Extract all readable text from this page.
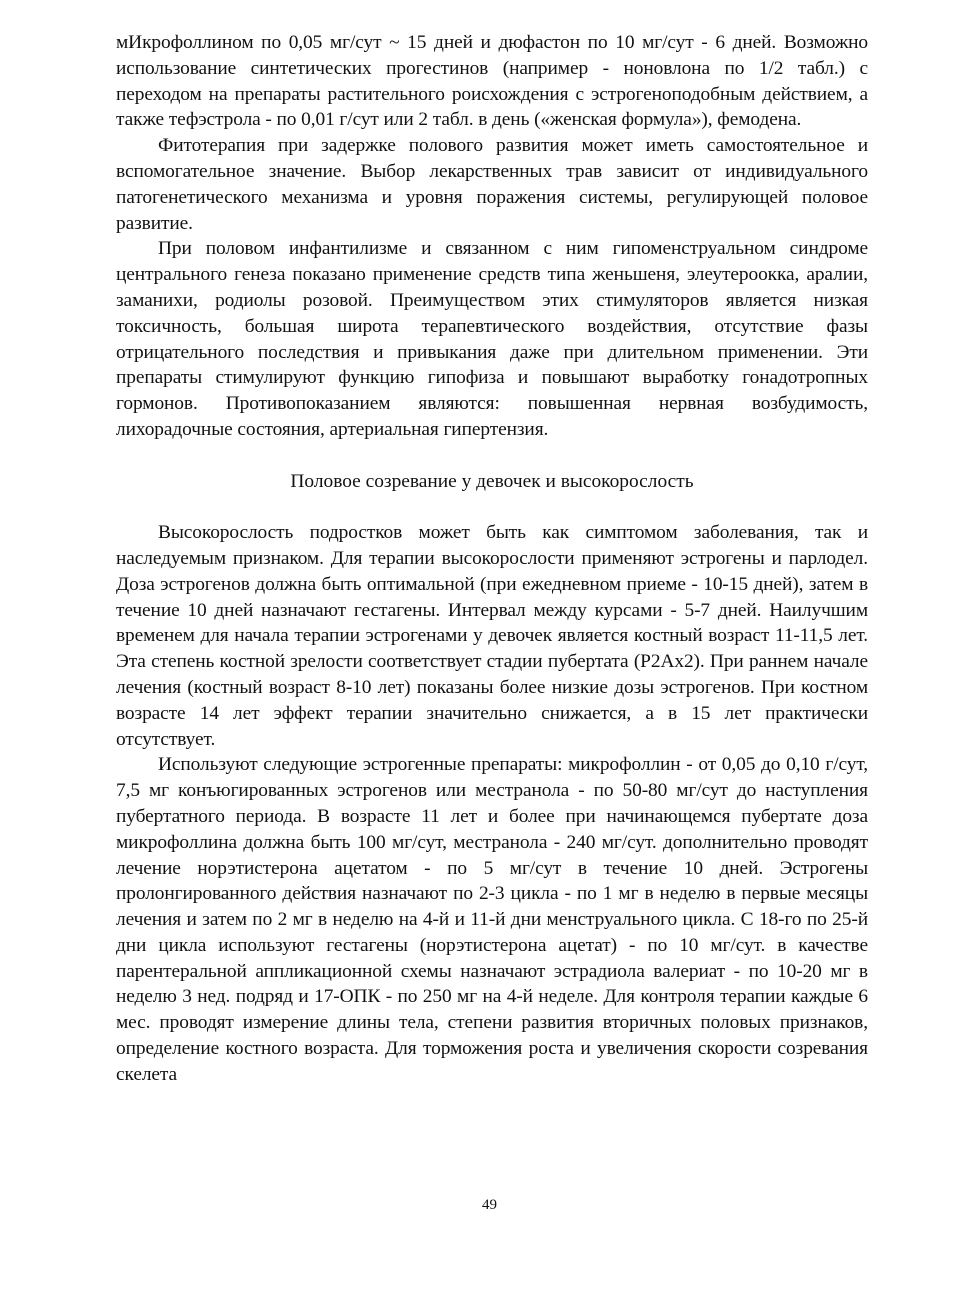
мИкрофоллином по 0,05 мг/сут ~ 15 дней и дюфастон по 10 мг/сут - 6 дней. Возможно использование синтетических прогестинов (например - ноновлона по 1/2 табл.) с переходом на препараты растительного роисхождения с эстрогеноподобным действием, а также тефэстрола - по 0,01 г/сут или 2 табл. в день («женская формула»), фемодена.

Фитотерапия при задержке полового развития может иметь самостоятельное и вспомогательное значение. Выбор лекарственных трав зависит от индивидуального патогенетического механизма и уровня поражения системы, регулирующей половое развитие.

При половом инфантилизме и связанном с ним гипоменструальном синдроме центрального генеза показано применение средств типа женьшеня, элеутероокка, аралии, заманихи, родиолы розовой. Преимуществом этих стимуляторов является низкая токсичность, большая широта терапевтического воздействия, отсутствие фазы отрицательного последствия и привыкания даже при длительном применении. Эти препараты стимулируют функцию гипофиза и повышают выработку гонадотропных гормонов. Противопоказанием являются: повышенная нервная возбудимость, лихорадочные состояния, артериальная гипертензия.

Половое созревание у девочек и высокорослость

Высокорослость подростков может быть как симптомом заболевания, так и наследуемым признаком. Для терапии высокорослости применяют эстрогены и парлодел. Доза эстрогенов должна быть оптимальной (при ежедневном приеме - 10-15 дней), затем в течение 10 дней назначают гестагены. Интервал между курсами - 5-7 дней. Наилучшим временем для начала терапии эстрогенами у девочек является костный возраст 11-11,5 лет. Эта степень костной зрелости соответствует стадии пубертата (Р2Ах2). При раннем начале лечения (костный возраст 8-10 лет) показаны более низкие дозы эстрогенов. При костном возрасте 14 лет эффект терапии значительно снижается, а в 15 лет практически отсутствует.

Используют следующие эстрогенные препараты: микрофоллин - от 0,05 до 0,10 г/сут, 7,5 мг конъюгированных эстрогенов или местранола - по 50-80 мг/сут до наступления пубертатного периода. В возрасте 11 лет и более при начинающемся пубертате доза микрофоллина должна быть 100 мг/сут, местранола - 240 мг/сут. дополнительно проводят лечение норэтистерона ацетатом - по 5 мг/сут в течение 10 дней. Эстрогены пролонгированного действия назначают по 2-3 цикла - по 1 мг в неделю в первые месяцы лечения и затем по 2 мг в неделю на 4-й и 11-й дни менструального цикла. С 18-го по 25-й дни цикла используют гестагены (норэтистерона ацетат) - по 10 мг/сут. в качестве парентеральной аппликационной схемы назначают эстрадиола валериат - по 10-20 мг в неделю 3 нед. подряд и 17-ОПК - по 250 мг на 4-й неделе. Для контроля терапии каждые 6 мес. проводят измерение длины тела, степени развития вторичных половых признаков, определение костного возраста. Для торможения роста и увеличения скорости созревания скелета

49
